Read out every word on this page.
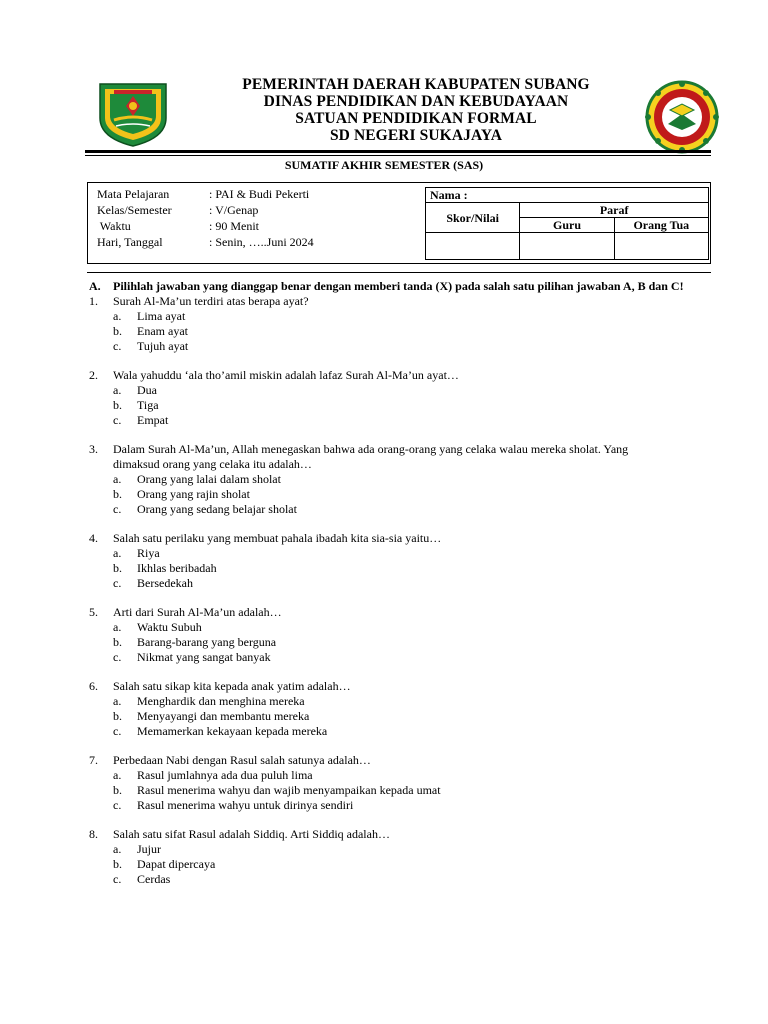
PEMERINTAH DAERAH KABUPATEN SUBANG
DINAS PENDIDIKAN DAN KEBUDAYAAN
SATUAN PENDIDIKAN FORMAL
SD NEGERI SUKAJAYA
SUMATIF AKHIR SEMESTER (SAS)
Mata Pelajaran	: PAI & Budi Pekerti
Kelas/Semester	: V/Genap
Waktu	: 90 Menit
Hari, Tanggal	: Senin, …..Juni 2024
Nama :		
Skor/Nilai	Paraf	
	Guru	Orang Tua

A.	Pilihlah jawaban yang dianggap benar dengan memberi tanda (X) pada salah satu pilihan jawaban A, B dan C!
1.	Surah Al-Ma’un terdiri atas berapa ayat?
a.	Lima ayat
b.	Enam ayat
c.	Tujuh ayat
2.	Wala yahuddu ‘ala tho’amil miskin adalah lafaz Surah Al-Ma’un ayat…
a.	Dua
b.	Tiga
c.	Empat
3.	Dalam Surah Al-Ma’un, Allah menegaskan bahwa ada orang-orang yang celaka walau mereka sholat. Yang dimaksud orang yang celaka itu adalah…
a.	Orang yang lalai dalam sholat
b.	Orang yang rajin sholat
c.	Orang yang sedang belajar sholat
4.	Salah satu perilaku yang membuat pahala ibadah kita sia-sia yaitu…
a.	Riya
b.	Ikhlas beribadah
c.	Bersedekah
5.	Arti dari Surah Al-Ma’un adalah…
a.	Waktu Subuh
b.	Barang-barang yang berguna
c.	Nikmat yang sangat banyak
6.	Salah satu sikap kita kepada anak yatim adalah…
a.	Menghardik dan menghina mereka
b.	Menyayangi dan membantu mereka
c.	Memamerkan kekayaan kepada mereka
7.	Perbedaan Nabi dengan Rasul salah satunya adalah…
a.	Rasul jumlahnya ada dua puluh lima
b.	Rasul menerima wahyu dan wajib menyampaikan kepada umat
c.	Rasul menerima wahyu untuk dirinya sendiri
8.	Salah satu sifat Rasul adalah Siddiq. Arti Siddiq adalah…
a.	Jujur
b.	Dapat dipercaya
c.	Cerdas
